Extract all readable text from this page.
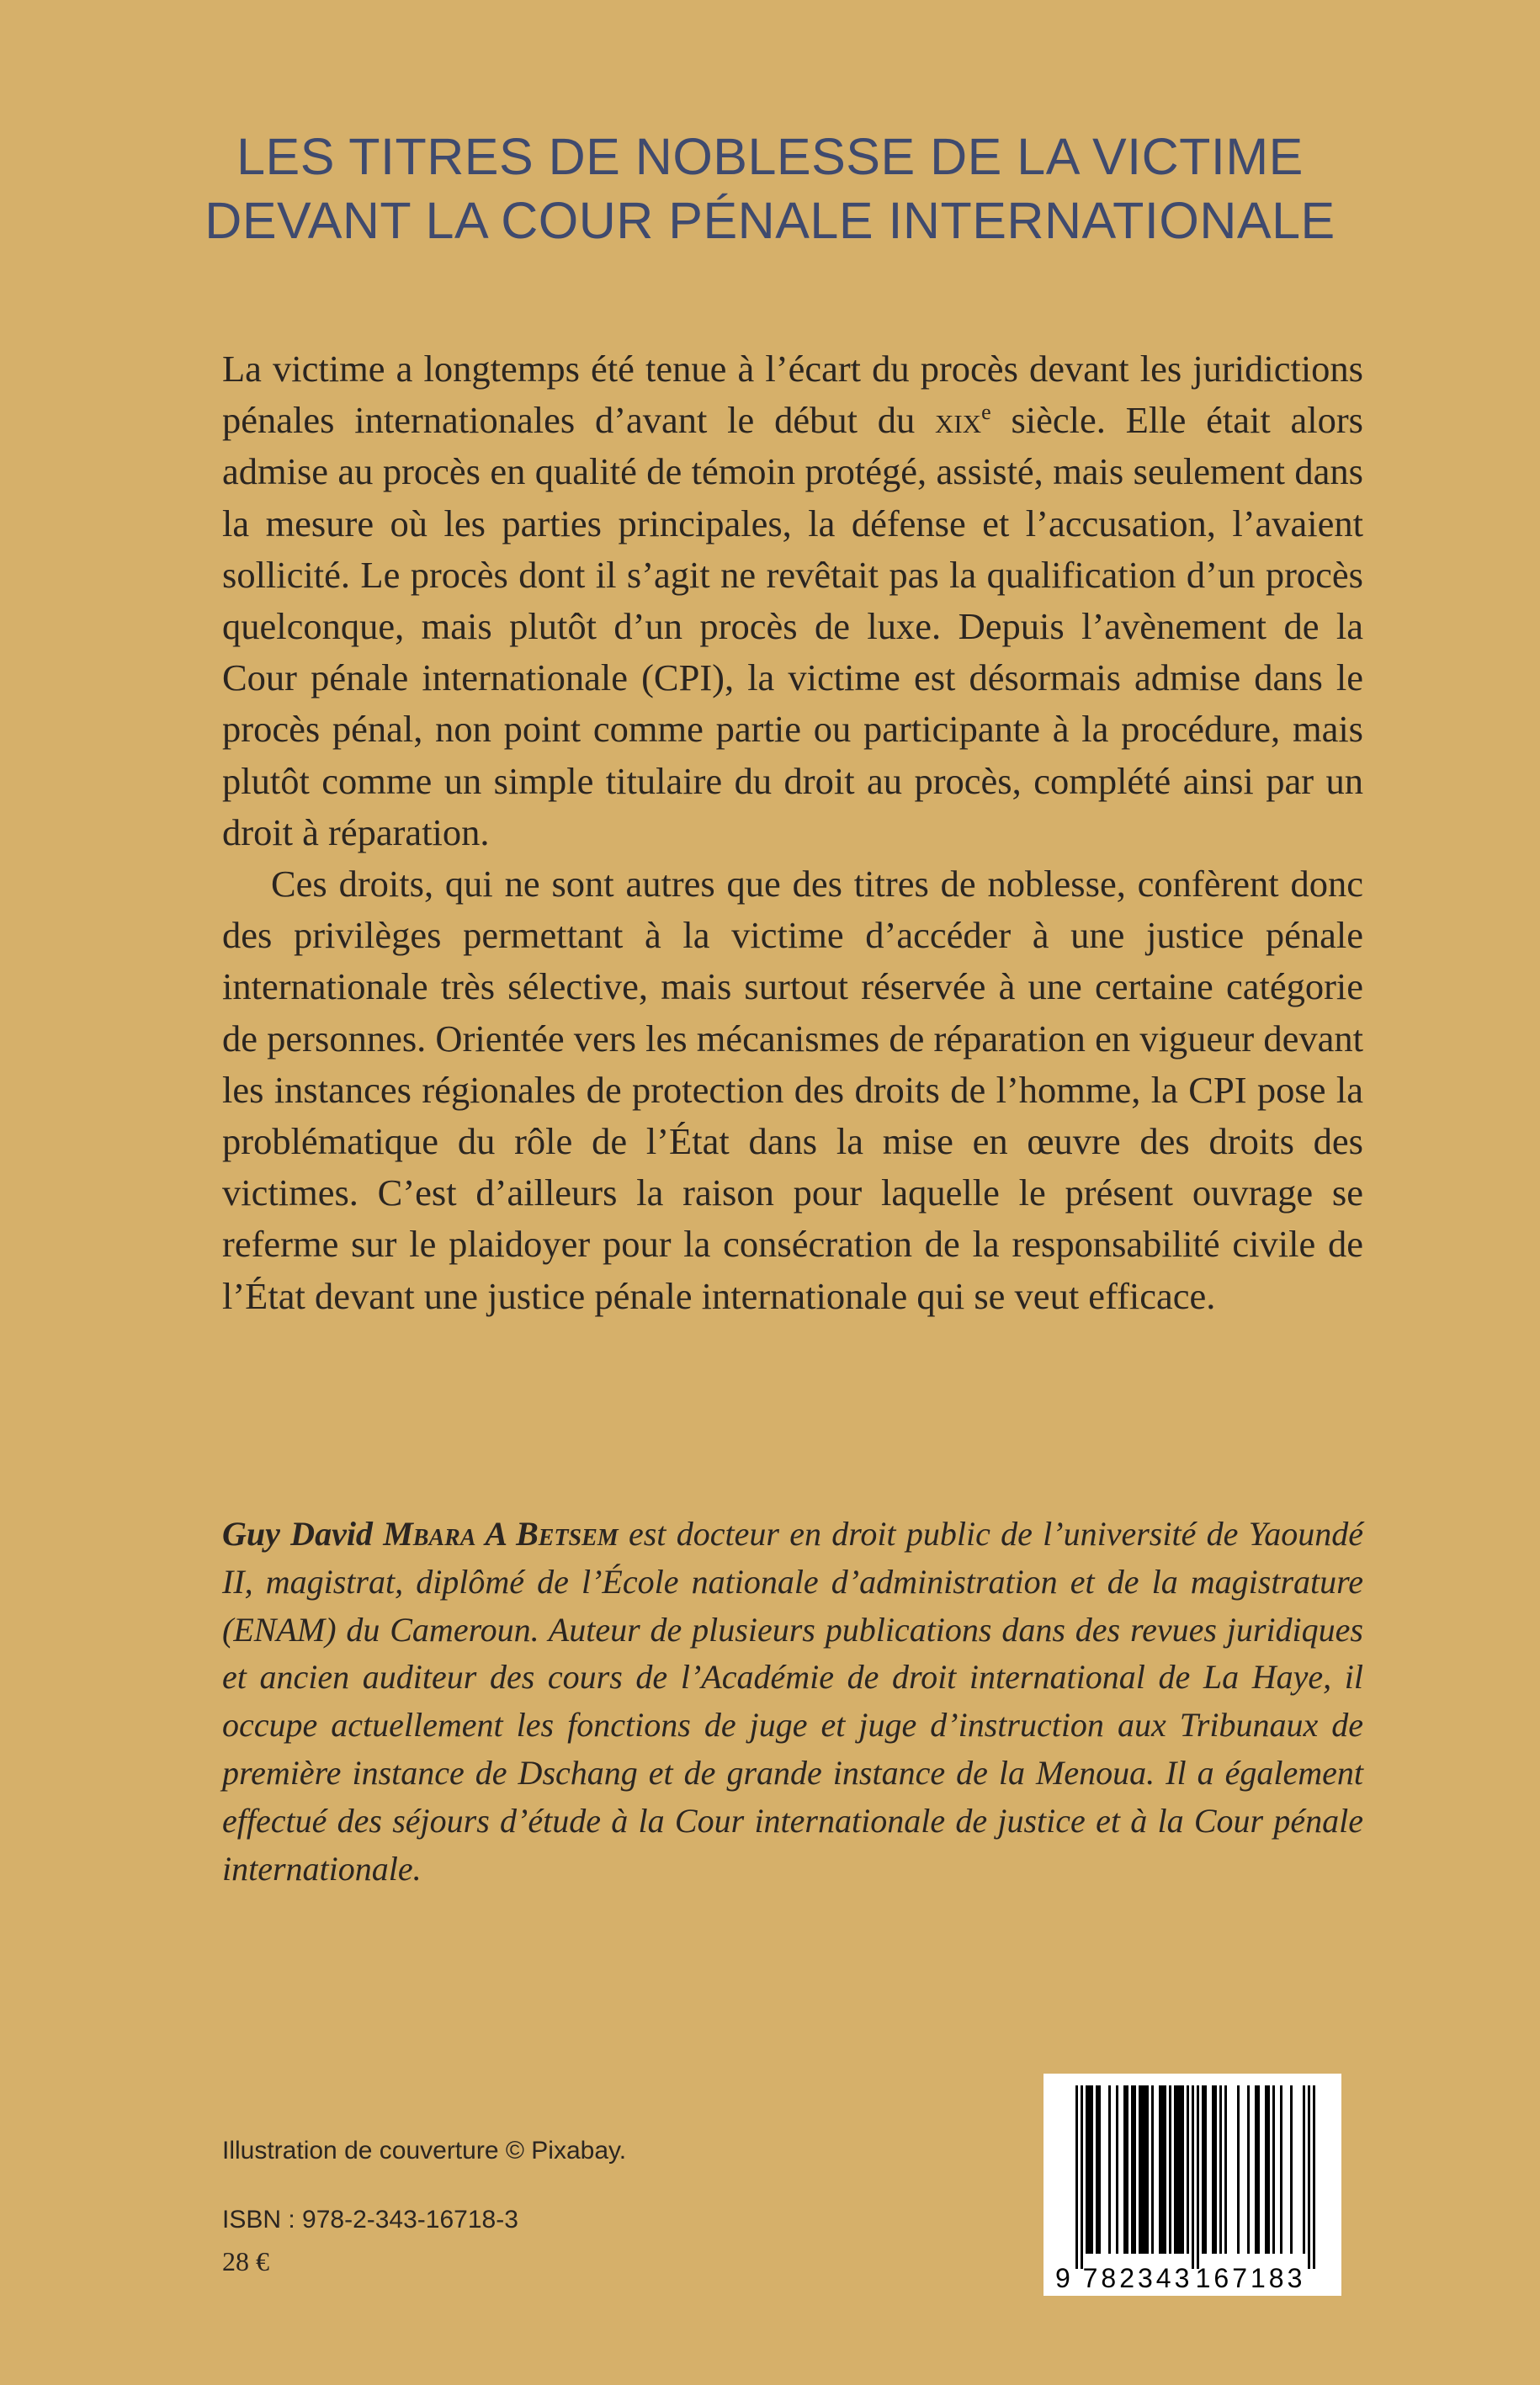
LES TITRES DE NOBLESSE DE LA VICTIME
DEVANT LA COUR PÉNALE INTERNATIONALE

La victime a longtemps été tenue à l’écart du procès devant les juridictions pénales internationales d’avant le début du xix$^e$ siècle. Elle était alors admise au procès en qualité de témoin protégé, assisté, mais seulement dans la mesure où les parties principales, la défense et l’accusation, l’avaient sollicité. Le procès dont il s’agit ne revêtait pas la qualification d’un procès quelconque, mais plutôt d’un procès de luxe. Depuis l’avènement de la Cour pénale internationale (CPI), la victime est désormais admise dans le procès pénal, non point comme partie ou participante à la procédure, mais plutôt comme un simple titulaire du droit au procès, complété ainsi par un droit à réparation.

Ces droits, qui ne sont autres que des titres de noblesse, confèrent donc des privilèges permettant à la victime d’accéder à une justice pénale internationale très sélective, mais surtout réservée à une certaine catégorie de personnes. Orientée vers les mécanismes de réparation en vigueur devant les instances régionales de protection des droits de l’homme, la CPI pose la problématique du rôle de l’État dans la mise en œuvre des droits des victimes. C’est d’ailleurs la raison pour laquelle le présent ouvrage se referme sur le plaidoyer pour la consécration de la responsabilité civile de l’État devant une justice pénale internationale qui se veut efficace.

Guy David Mbara A Betsem est docteur en droit public de l’université de Yaoundé II, magistrat, diplômé de l’École nationale d’administration et de la magistrature (ENAM) du Cameroun. Auteur de plusieurs publications dans des revues juridiques et ancien auditeur des cours de l’Académie de droit international de La Haye, il occupe actuellement les fonctions de juge et juge d’instruction aux Tribunaux de première instance de Dschang et de grande instance de la Menoua. Il a également effectué des séjours d’étude à la Cour internationale de justice et à la Cour pénale internationale.
Illustration de couverture © Pixabay.
ISBN : 978-2-343-16718-3
28 €
9 782343 167183
